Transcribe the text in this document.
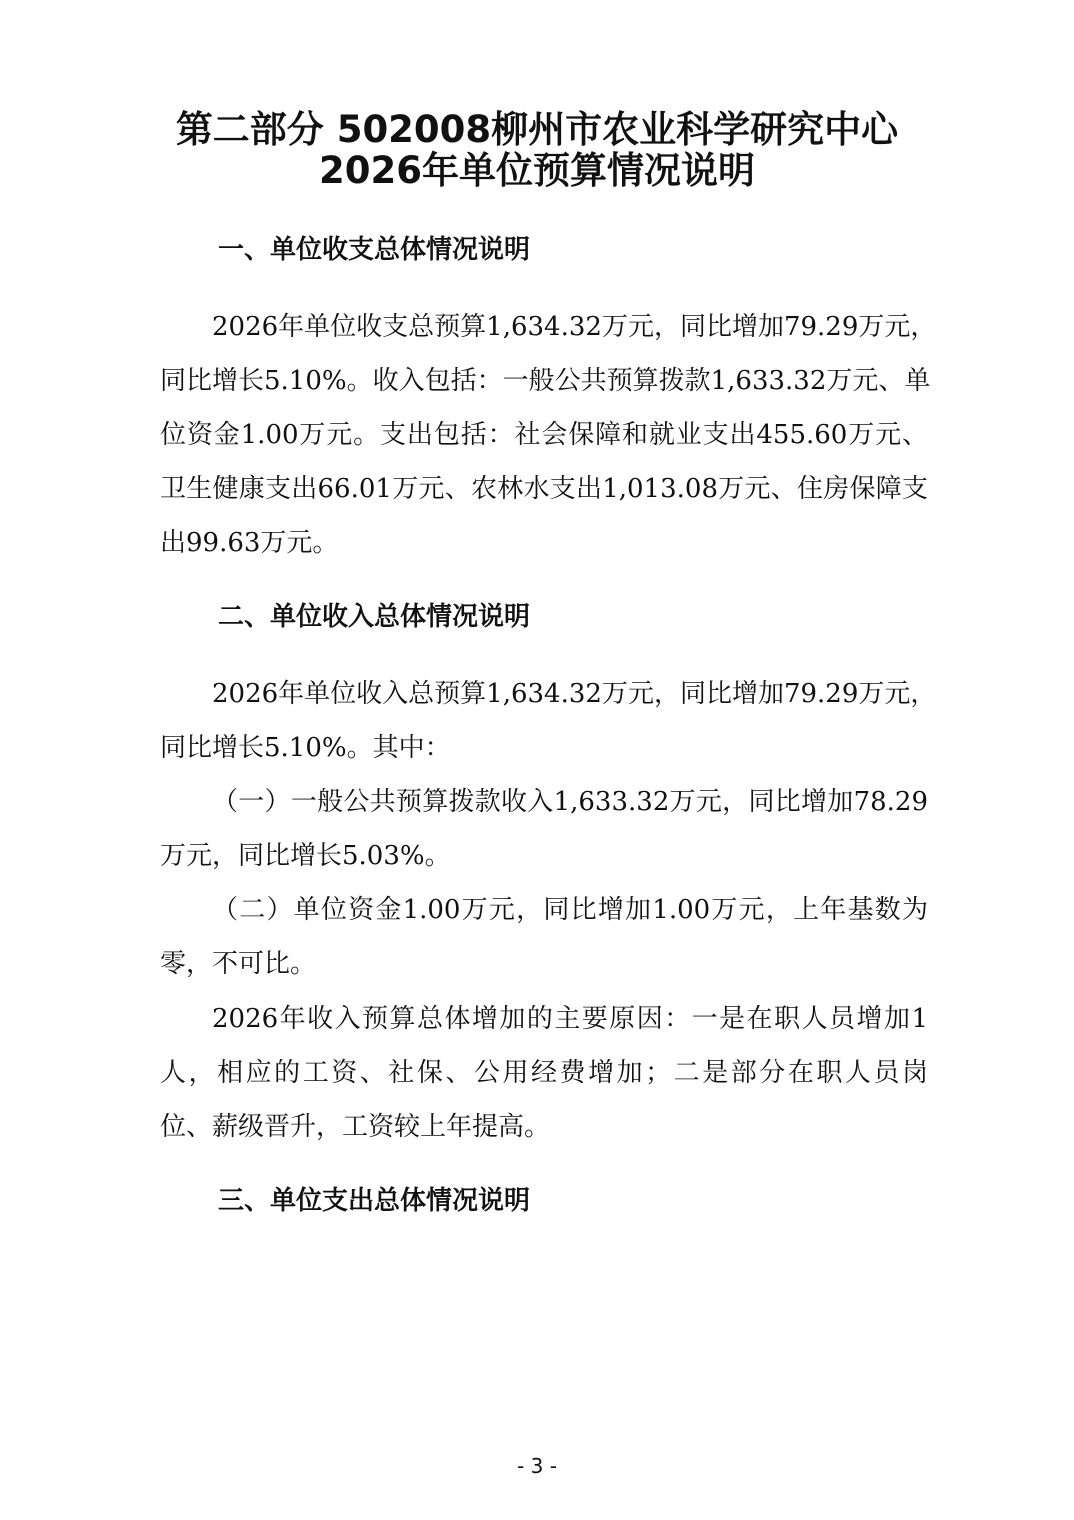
第二部分 502008柳州市农业科学研究中心
2026年单位预算情况说明
一、单位收支总体情况说明
2026年单位收支总预算1,634.32万元，同比增加79.29万元，
同比增长5.10%。收入包括：一般公共预算拨款1,633.32万元、单
位资金1.00万元。支出包括：社会保障和就业支出455.60万元、
卫生健康支出66.01万元、农林水支出1,013.08万元、住房保障支
出99.63万元。
二、单位收入总体情况说明
2026年单位收入总预算1,634.32万元，同比增加79.29万元，
同比增长5.10%。其中：
（一）一般公共预算拨款收入1,633.32万元，同比增加78.29
万元，同比增长5.03%。
（二）单位资金1.00万元，同比增加1.00万元，上年基数为
零，不可比。
2026年收入预算总体增加的主要原因：一是在职人员增加1
人，相应的工资、社保、公用经费增加；二是部分在职人员岗
位、薪级晋升，工资较上年提高。
三、单位支出总体情况说明
- 3 -
